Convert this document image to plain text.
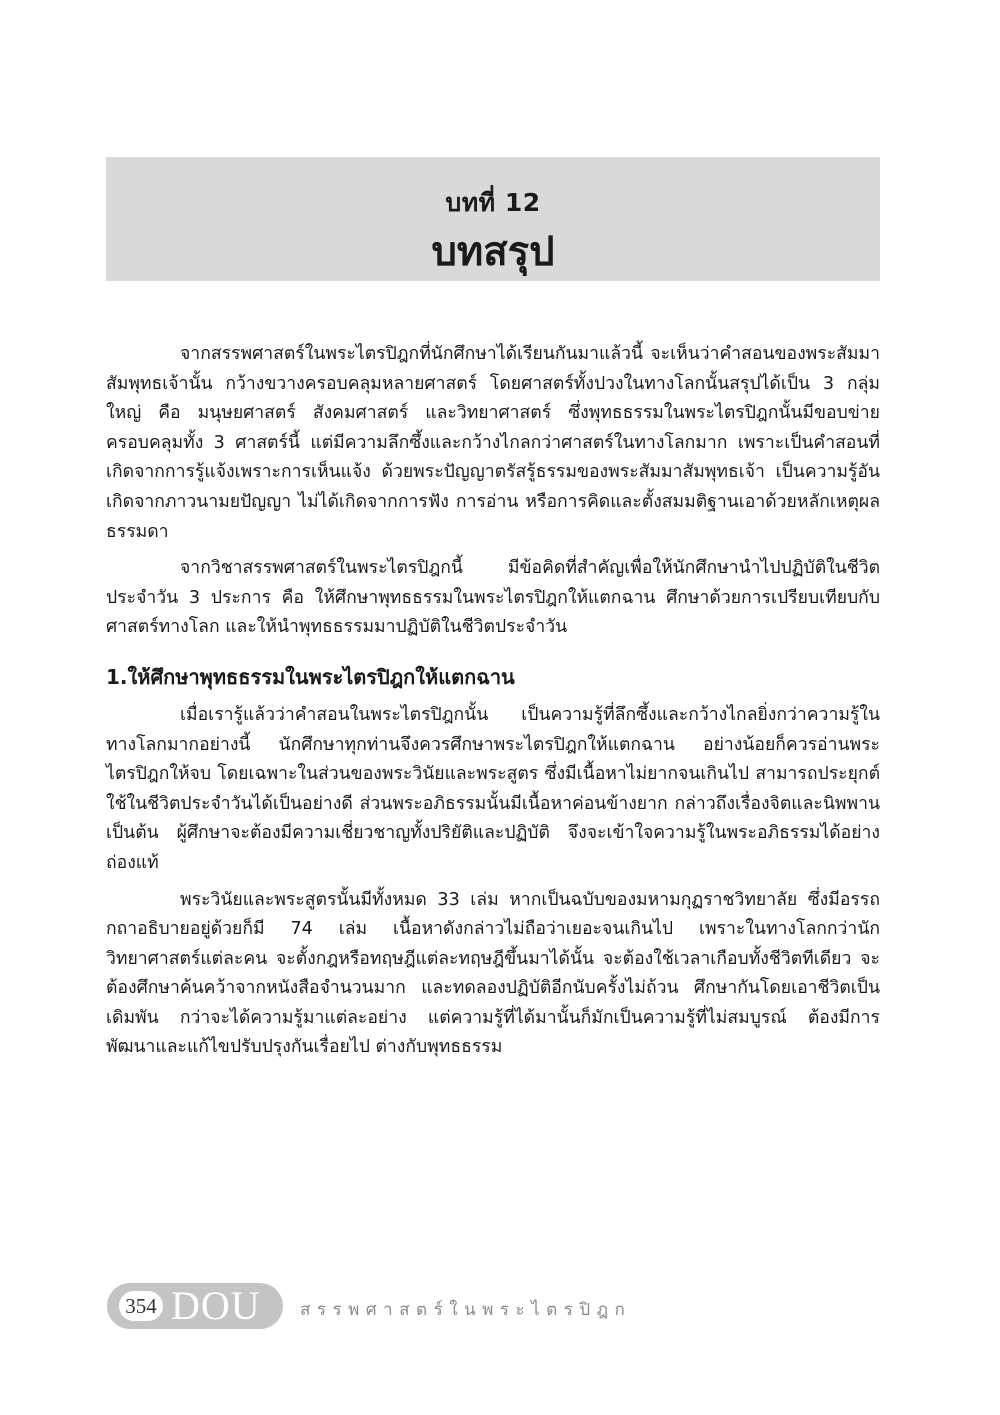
บทที่ 12
บทสรุป

จากสรรพศาสตร์ในพระไตรปิฎกที่นักศึกษาได้เรียนกันมาแล้วนี้ จะเห็นว่าคำสอนของพระสัมมาสัมพุทธเจ้านั้น กว้างขวางครอบคลุมหลายศาสตร์ โดยศาสตร์ทั้งปวงในทางโลกนั้นสรุปได้เป็น 3 กลุ่มใหญ่ คือ มนุษยศาสตร์ สังคมศาสตร์ และวิทยาศาสตร์ ซึ่งพุทธธรรมในพระไตรปิฎกนั้นมีขอบข่ายครอบคลุมทั้ง 3 ศาสตร์นี้ แต่มีความลึกซึ้งและกว้างไกลกว่าศาสตร์ในทางโลกมาก เพราะเป็นคำสอนที่เกิดจากการรู้แจ้งเพราะการเห็นแจ้ง ด้วยพระปัญญาตรัสรู้ธรรมของพระสัมมาสัมพุทธเจ้า เป็นความรู้อันเกิดจากภาวนามยปัญญา ไม่ได้เกิดจากการฟัง การอ่าน หรือการคิดและตั้งสมมติฐานเอาด้วยหลักเหตุผลธรรมดา

จากวิชาสรรพศาสตร์ในพระไตรปิฎกนี้ มีข้อคิดที่สำคัญเพื่อให้นักศึกษานำไปปฏิบัติในชีวิตประจำวัน 3 ประการ คือ ให้ศึกษาพุทธธรรมในพระไตรปิฎกให้แตกฉาน ศึกษาด้วยการเปรียบเทียบกับศาสตร์ทางโลก และให้นำพุทธธรรมมาปฏิบัติในชีวิตประจำวัน

1.ให้ศึกษาพุทธธรรมในพระไตรปิฎกให้แตกฉาน

เมื่อเรารู้แล้วว่าคำสอนในพระไตรปิฎกนั้น เป็นความรู้ที่ลึกซึ้งและกว้างไกลยิ่งกว่าความรู้ในทางโลกมากอย่างนี้ นักศึกษาทุกท่านจึงควรศึกษาพระไตรปิฎกให้แตกฉาน อย่างน้อยก็ควรอ่านพระไตรปิฎกให้จบ โดยเฉพาะในส่วนของพระวินัยและพระสูตร ซึ่งมีเนื้อหาไม่ยากจนเกินไป สามารถประยุกต์ใช้ในชีวิตประจำวันได้เป็นอย่างดี ส่วนพระอภิธรรมนั้นมีเนื้อหาค่อนข้างยาก กล่าวถึงเรื่องจิตและนิพพานเป็นต้น ผู้ศึกษาจะต้องมีความเชี่ยวชาญทั้งปริยัติและปฏิบัติ จึงจะเข้าใจความรู้ในพระอภิธรรมได้อย่างถ่องแท้

พระวินัยและพระสูตรนั้นมีทั้งหมด 33 เล่ม หากเป็นฉบับของมหามกุฏราชวิทยาลัย ซึ่งมีอรรถกถาอธิบายอยู่ด้วยก็มี 74 เล่ม เนื้อหาดังกล่าวไม่ถือว่าเยอะจนเกินไป เพราะในทางโลกกว่านักวิทยาศาสตร์แต่ละคน จะตั้งกฎหรือทฤษฎีแต่ละทฤษฎีขึ้นมาได้นั้น จะต้องใช้เวลาเกือบทั้งชีวิตทีเดียว จะต้องศึกษาค้นคว้าจากหนังสือจำนวนมาก และทดลองปฏิบัติอีกนับครั้งไม่ถ้วน ศึกษากันโดยเอาชีวิตเป็นเดิมพัน กว่าจะได้ความรู้มาแต่ละอย่าง แต่ความรู้ที่ได้มานั้นก็มักเป็นความรู้ที่ไม่สมบูรณ์ ต้องมีการพัฒนาและแก้ไขปรับปรุงกันเรื่อยไป ต่างกับพุทธธรรม

354 DOU สรรพศาสตร์ในพระไตรปิฎก
